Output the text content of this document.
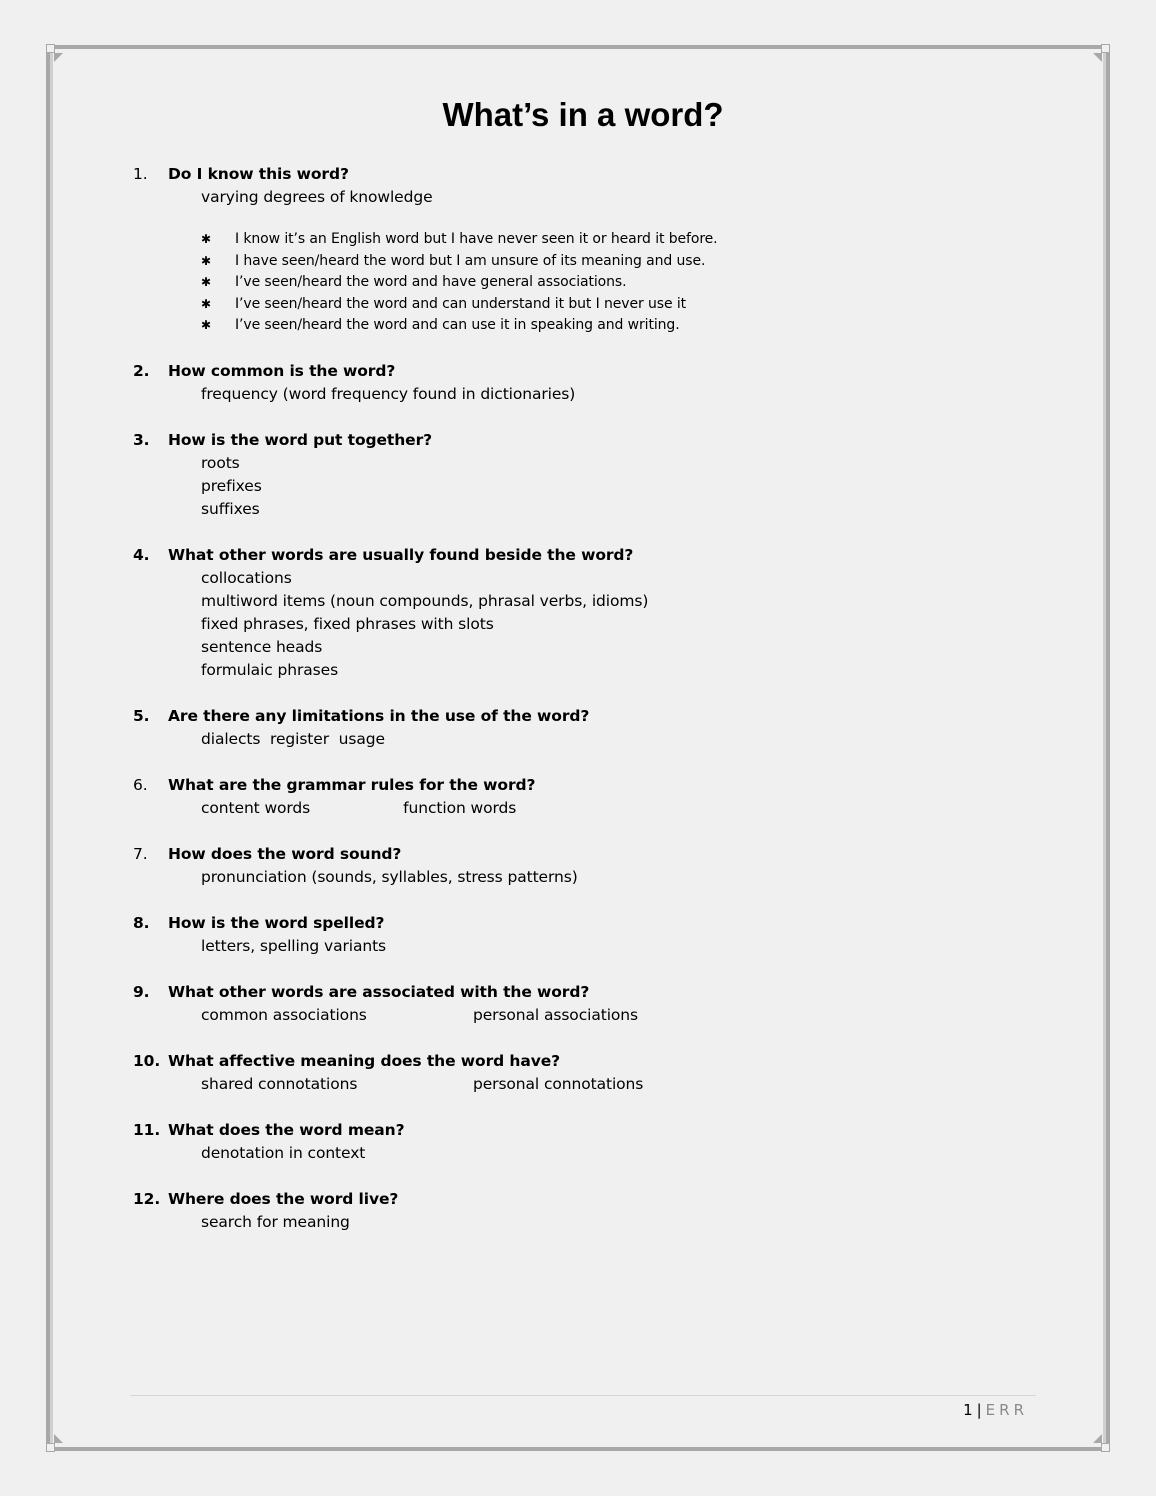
What’s in a word?
1.	Do I know this word?
varying degrees of knowledge
✱	I know it’s an English word but I have never seen it or heard it before.
✱	I have seen/heard the word but I am unsure of its meaning and use.
✱	I’ve seen/heard the word and have general associations.
✱	I’ve seen/heard the word and can understand it but I never use it
✱	I’ve seen/heard the word and can use it in speaking and writing.
2.	How common is the word?
frequency (word frequency found in dictionaries)
3.	How is the word put together?
roots
prefixes
suffixes
4.	What other words are usually found beside the word?
collocations
multiword items (noun compounds, phrasal verbs, idioms)
fixed phrases, fixed phrases with slots
sentence heads
formulaic phrases
5.	Are there any limitations in the use of the word?
dialects  register  usage
6.	What are the grammar rules for the word?
content words	function words
7.	How does the word sound?
pronunciation (sounds, syllables, stress patterns)
8.	How is the word spelled?
letters, spelling variants
9.	What other words are associated with the word?
common associations	personal associations
10. What affective meaning does the word have?
shared connotations	personal connotations
11. What does the word mean?
denotation in context
12. Where does the word live?
search for meaning
1 | ERR
